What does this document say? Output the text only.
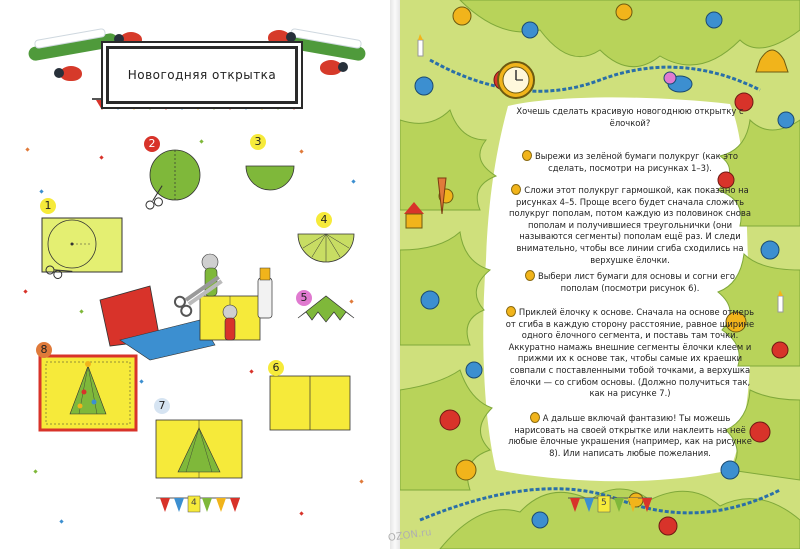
Новогодняя открытка
1
2	3
4
5
6
7
8
4
Хочешь сделать красивую новогоднюю открытку с ёлочкой?
Вырежи из зелёной бумаги полукруг (как это сделать, посмотри на рисунках 1–3).
Сложи этот полукруг гармошкой, как показано на рисунках 4–5. Проще всего будет сначала сложить полукруг пополам, потом каждую из половинок снова пополам и получившиеся треугольнички (они называются сегменты) пополам ещё раз. И следи внимательно, чтобы все линии сгиба сходились на верхушке ёлочки.
Выбери лист бумаги для основы и согни его пополам (посмотри рисунок 6).
Приклей ёлочку к основе. Сначала на основе отмерь от сгиба в каждую сторону расстояние, равное ширине одного ёлочного сегмента, и поставь там точки. Аккуратно намажь внешние сегменты ёлочки клеем и прижми их к основе так, чтобы самые их краешки совпали с поставленными тобой точками, а верхушка ёлочки — со сгибом основы. (Должно получиться так, как на рисунке 7.)
А дальше включай фантазию! Ты можешь нарисовать на своей открытке или наклеить на неё любые ёлочные украшения (например, как на рисунке 8). Или написать любые пожелания.
5
OZON.ru
